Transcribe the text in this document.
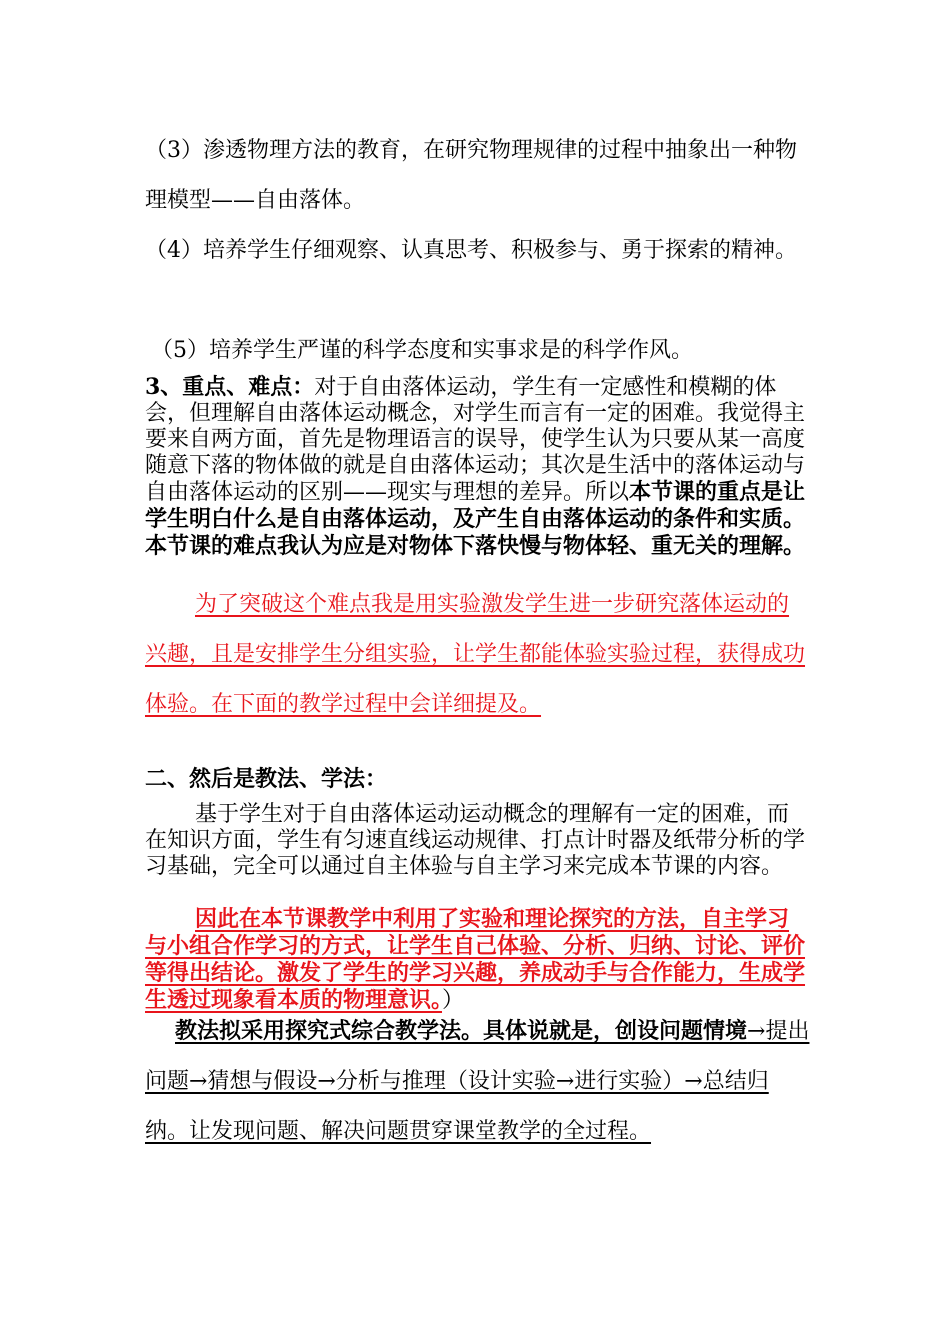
（3）渗透物理方法的教育，在研究物理规律的过程中抽象出一种物理模型——自由落体。

（4）培养学生仔细观察、认真思考、积极参与、勇于探索的精神。

（5）培养学生严谨的科学态度和实事求是的科学作风。

3、重点、难点：对于自由落体运动，学生有一定感性和模糊的体会，但理解自由落体运动概念，对学生而言有一定的困难。我觉得主要来自两方面，首先是物理语言的误导，使学生认为只要从某一高度随意下落的物体做的就是自由落体运动；其次是生活中的落体运动与自由落体运动的区别——现实与理想的差异。所以本节课的重点是让学生明白什么是自由落体运动，及产生自由落体运动的条件和实质。本节课的难点我认为应是对物体下落快慢与物体轻、重无关的理解。

为了突破这个难点我是用实验激发学生进一步研究落体运动的兴趣，且是安排学生分组实验，让学生都能体验实验过程，获得成功体验。在下面的教学过程中会详细提及。

二、然后是教法、学法：

基于学生对于自由落体运动运动概念的理解有一定的困难，而在知识方面，学生有匀速直线运动规律、打点计时器及纸带分析的学习基础，完全可以通过自主体验与自主学习来完成本节课的内容。

因此在本节课教学中利用了实验和理论探究的方法，自主学习与小组合作学习的方式，让学生自己体验、分析、归纳、讨论、评价等得出结论。激发了学生的学习兴趣，养成动手与合作能力，生成学生透过现象看本质的物理意识。）

教法拟采用探究式综合教学法。具体说就是，创设问题情境→提出问题→猜想与假设→分析与推理（设计实验→进行实验）→总结归纳。让发现问题、解决问题贯穿课堂教学的全过程。
